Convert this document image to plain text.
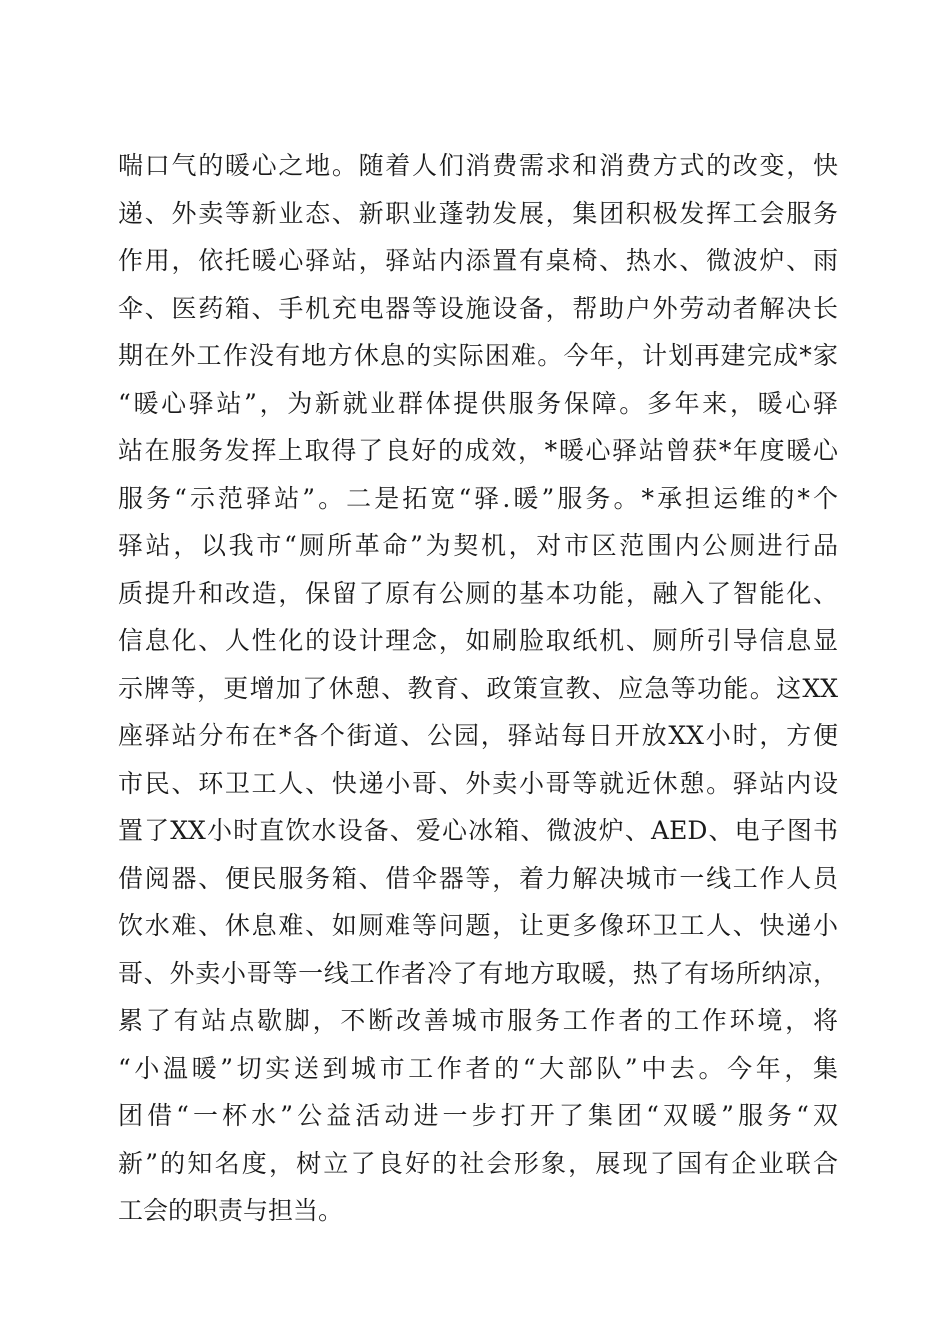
喘口气的暖心之地。随着人们消费需求和消费方式的改变，快
递、外卖等新业态、新职业蓬勃发展，集团积极发挥工会服务
作用，依托暖心驿站，驿站内添置有桌椅、热水、微波炉、雨
伞、医药箱、手机充电器等设施设备，帮助户外劳动者解决长
期在外工作没有地方休息的实际困难。今年，计划再建完成*家
“暖心驿站”，为新就业群体提供服务保障。多年来，暖心驿
站在服务发挥上取得了良好的成效，*暖心驿站曾获*年度暖心
服务“示范驿站”。二是拓宽“驿.暖”服务。*承担运维的*个
驿站，以我市“厕所革命”为契机，对市区范围内公厕进行品
质提升和改造，保留了原有公厕的基本功能，融入了智能化、
信息化、人性化的设计理念，如刷脸取纸机、厕所引导信息显
示牌等，更增加了休憩、教育、政策宣教、应急等功能。这XX
座驿站分布在*各个街道、公园，驿站每日开放XX小时，方便
市民、环卫工人、快递小哥、外卖小哥等就近休憩。驿站内设
置了XX小时直饮水设备、爱心冰箱、微波炉、AED、电子图书
借阅器、便民服务箱、借伞器等，着力解决城市一线工作人员
饮水难、休息难、如厕难等问题，让更多像环卫工人、快递小
哥、外卖小哥等一线工作者冷了有地方取暖，热了有场所纳凉，
累了有站点歇脚，不断改善城市服务工作者的工作环境，将
“小温暖”切实送到城市工作者的“大部队”中去。今年，集
团借“一杯水”公益活动进一步打开了集团“双暖”服务“双
新”的知名度，树立了良好的社会形象，展现了国有企业联合
工会的职责与担当。
